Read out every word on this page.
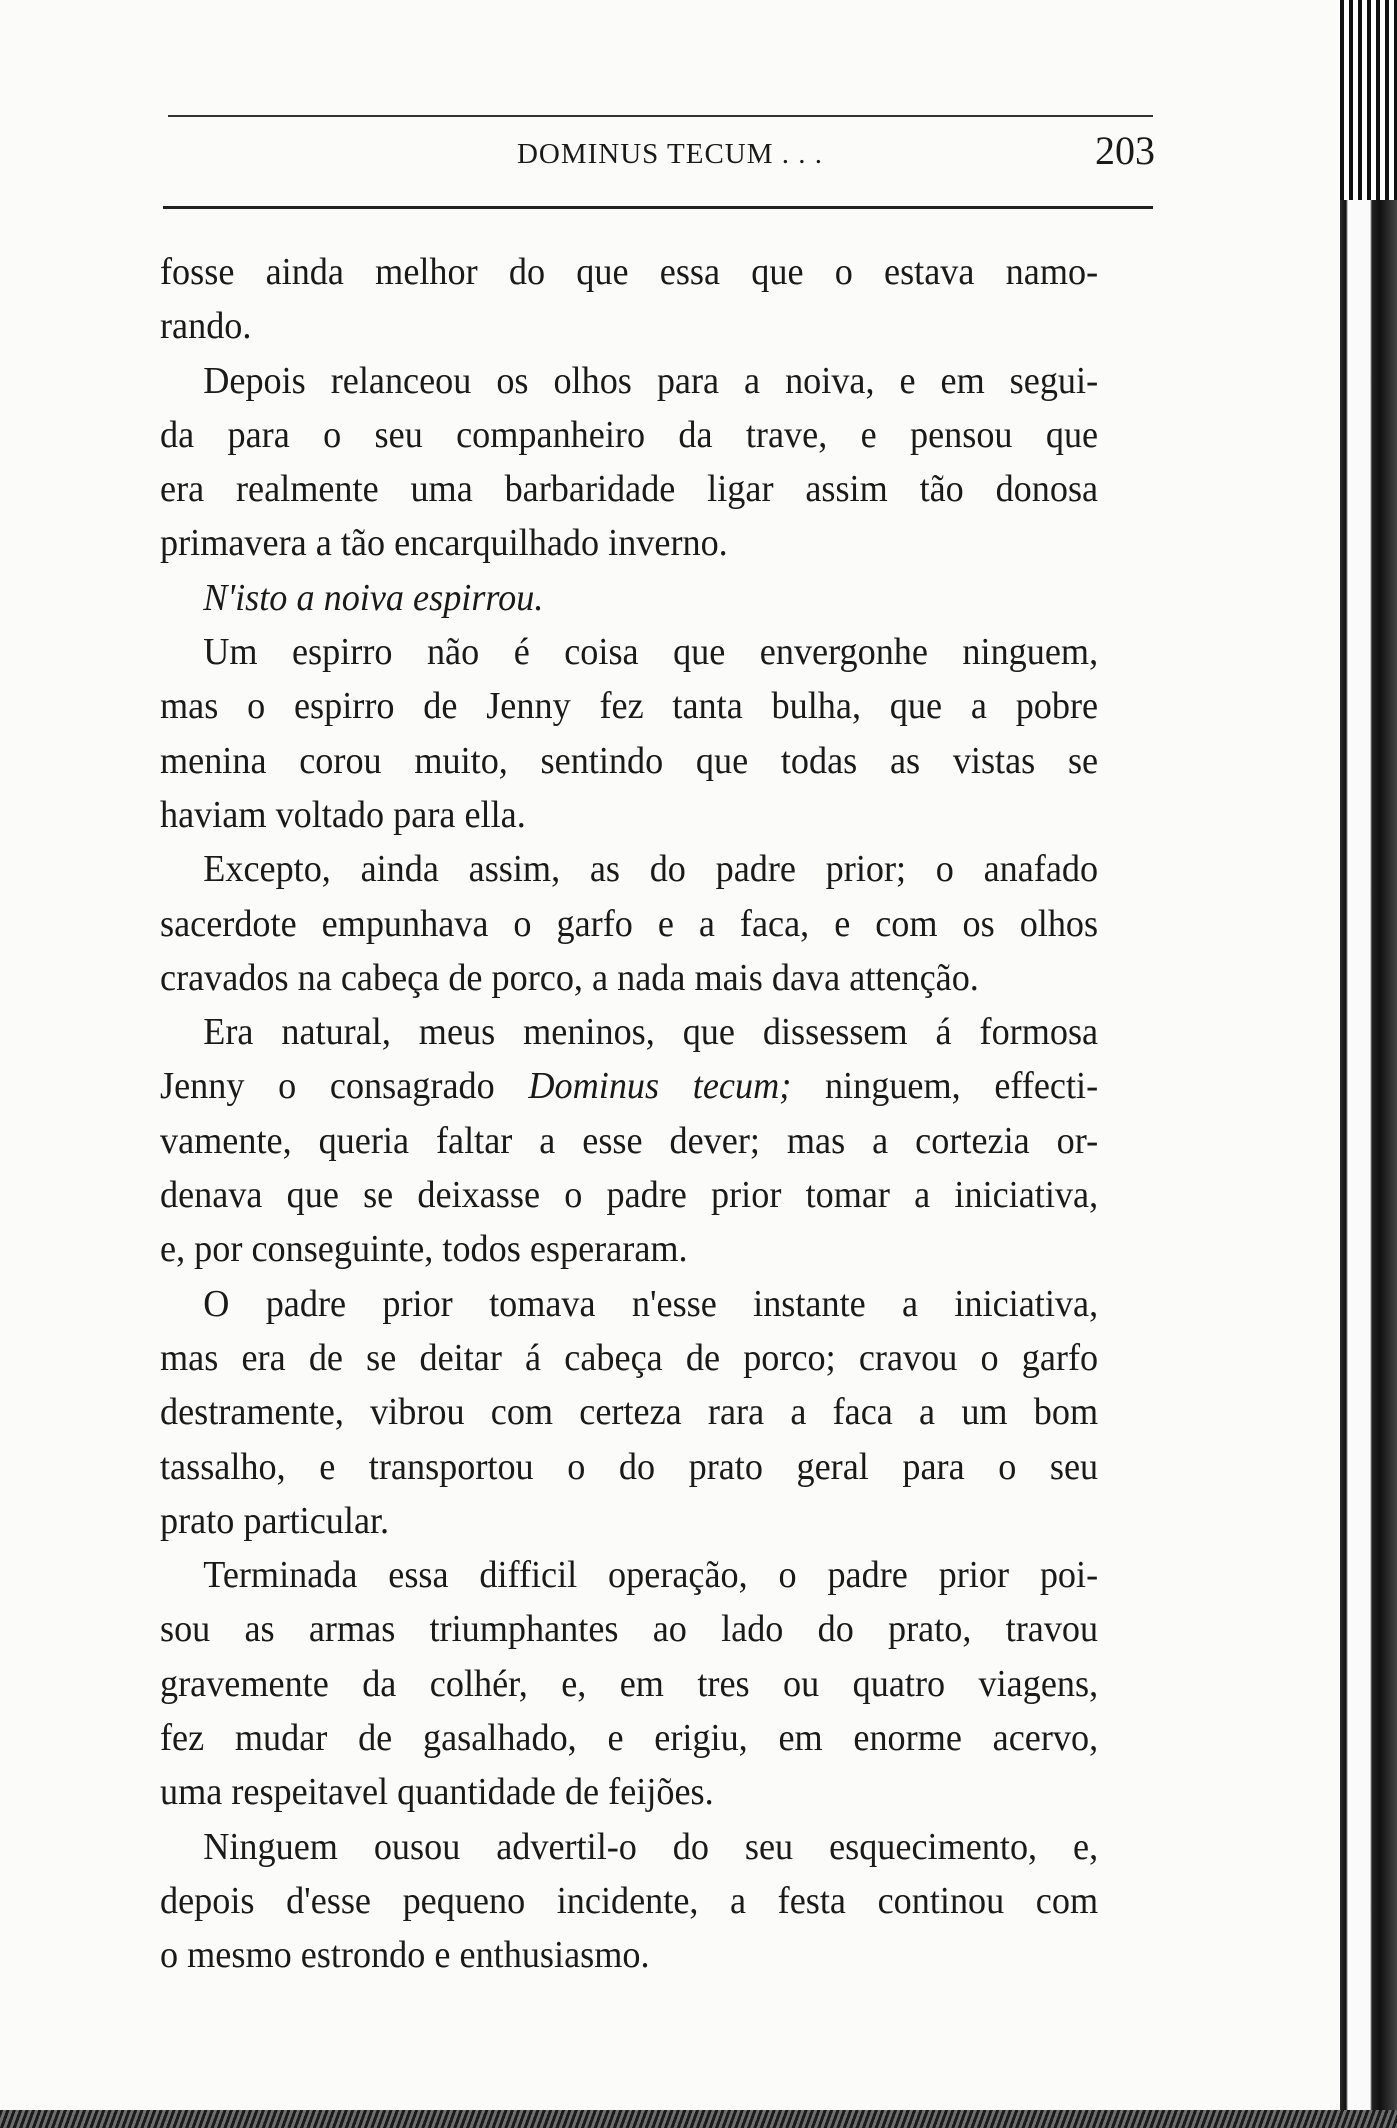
DOMINUS TECUM . . .	203
fosse ainda melhor do que essa que o estava namo-
rando.
Depois relanceou os olhos para a noiva, e em segui-
da para o seu companheiro da trave, e pensou que
era realmente uma barbaridade ligar assim tão donosa
primavera a tão encarquilhado inverno.
N'isto a noiva espirrou.
Um espirro não é coisa que envergonhe ninguem,
mas o espirro de Jenny fez tanta bulha, que a pobre
menina corou muito, sentindo que todas as vistas se
haviam voltado para ella.
Excepto, ainda assim, as do padre prior; o anafado
sacerdote empunhava o garfo e a faca, e com os olhos
cravados na cabeça de porco, a nada mais dava attenção.
Era natural, meus meninos, que dissessem á formosa
Jenny o consagrado Dominus tecum; ninguem, effecti-
vamente, queria faltar a esse dever; mas a cortezia or-
denava que se deixasse o padre prior tomar a iniciativa,
e, por conseguinte, todos esperaram.
O padre prior tomava n'esse instante a iniciativa,
mas era de se deitar á cabeça de porco; cravou o garfo
destramente, vibrou com certeza rara a faca a um bom
tassalho, e transportou o do prato geral para o seu
prato particular.
Terminada essa difficil operação, o padre prior poi-
sou as armas triumphantes ao lado do prato, travou
gravemente da colhér, e, em tres ou quatro viagens,
fez mudar de gasalhado, e erigiu, em enorme acervo,
uma respeitavel quantidade de feijões.
Ninguem ousou advertil-o do seu esquecimento, e,
depois d'esse pequeno incidente, a festa continou com
o mesmo estrondo e enthusiasmo.
